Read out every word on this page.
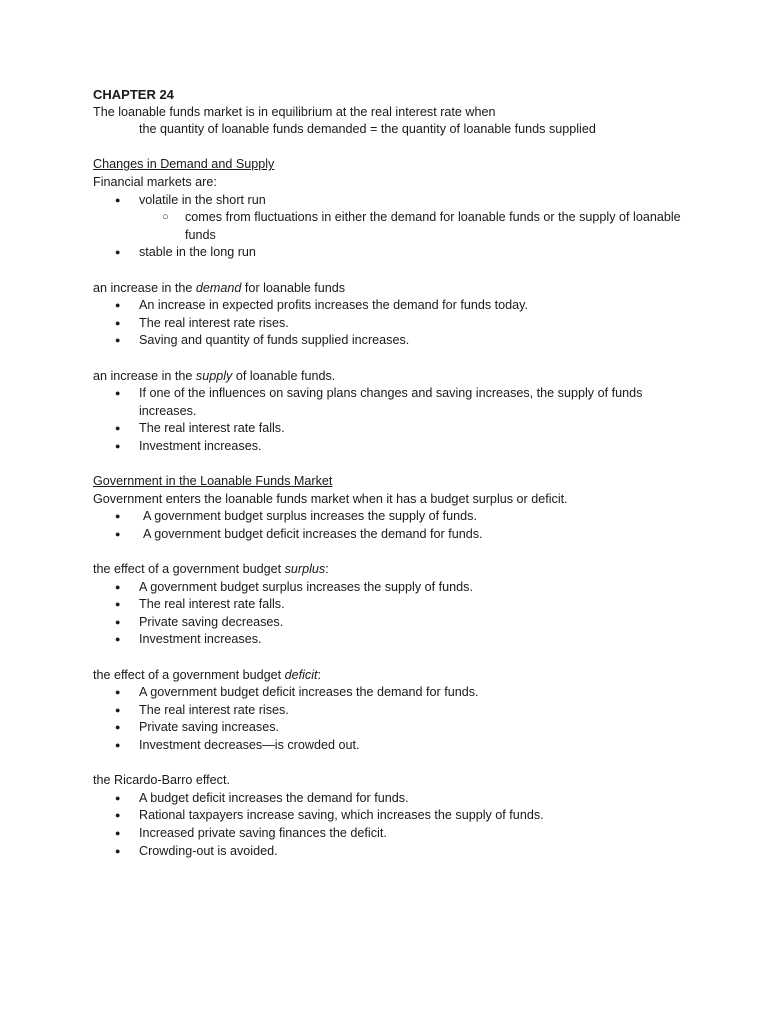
CHAPTER 24
The loanable funds market is in equilibrium at the real interest rate when
the quantity of loanable funds demanded = the quantity of loanable funds supplied
Changes in Demand and Supply
Financial markets are:
● volatile in the short run
○ comes from fluctuations in either the demand for loanable funds or the supply of loanable funds
● stable in the long run
an increase in the demand for loanable funds
● An increase in expected profits increases the demand for funds today.
● The real interest rate rises.
● Saving and quantity of funds supplied increases.
an increase in the supply of loanable funds.
● If one of the influences on saving plans changes and saving increases, the supply of funds increases.
● The real interest rate falls.
● Investment increases.
Government in the Loanable Funds Market
Government enters the loanable funds market when it has a budget surplus or deficit.
● A government budget surplus increases the supply of funds.
● A government budget deficit increases the demand for funds.
the effect of a government budget surplus:
● A government budget surplus increases the supply of funds.
● The real interest rate falls.
● Private saving decreases.
● Investment increases.
the effect of a government budget deficit:
● A government budget deficit increases the demand for funds.
● The real interest rate rises.
● Private saving increases.
● Investment decreases—is crowded out.
the Ricardo-Barro effect.
● A budget deficit increases the demand for funds.
● Rational taxpayers increase saving, which increases the supply of funds.
● Increased private saving finances the deficit.
● Crowding-out is avoided.
